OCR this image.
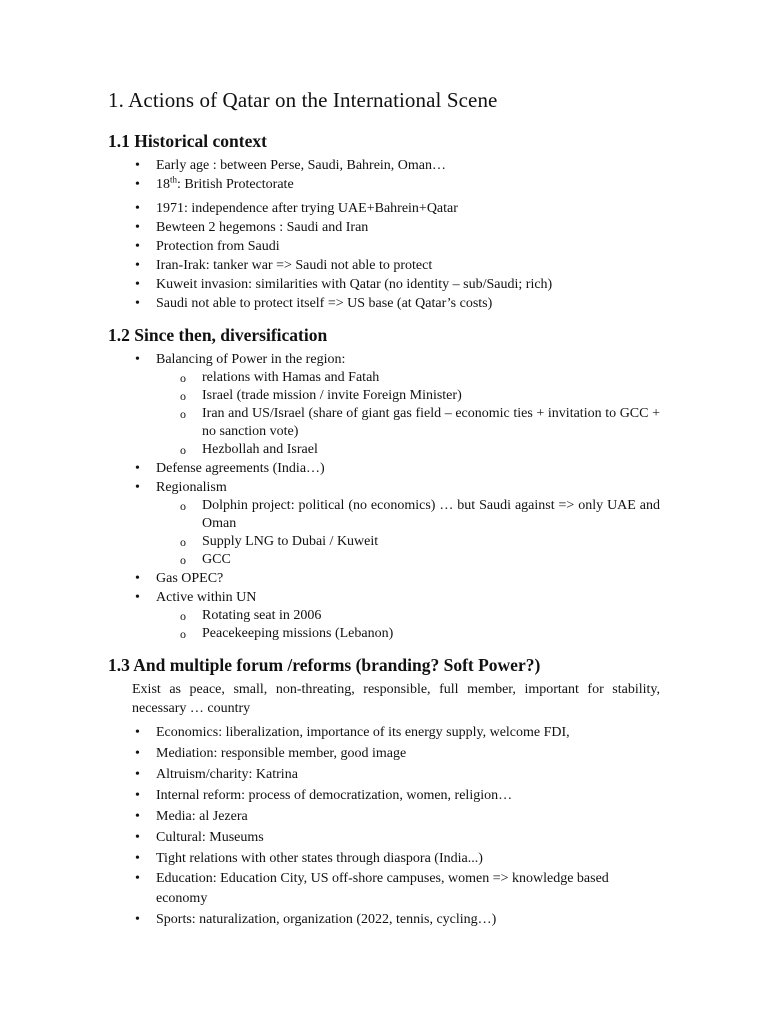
1. Actions of Qatar on the International Scene
1.1 Historical context
• Early age : between Perse, Saudi, Bahrein, Oman…
• 18th: British Protectorate
• 1971: independence after trying UAE+Bahrein+Qatar
• Bewteen 2 hegemons : Saudi and Iran
• Protection from Saudi
• Iran-Irak: tanker war => Saudi not able to protect
• Kuweit invasion: similarities with Qatar (no identity – sub/Saudi; rich)
• Saudi not able to protect itself => US base (at Qatar’s costs)
1.2 Since then, diversification
• Balancing of Power in the region:
o relations with Hamas and Fatah
o Israel (trade mission / invite Foreign Minister)
o Iran and US/Israel (share of giant gas field – economic ties + invitation to GCC + no sanction vote)
o Hezbollah and Israel
• Defense agreements (India…)
• Regionalism
o Dolphin project: political (no economics) … but Saudi against => only UAE and Oman
o Supply LNG to Dubai / Kuweit
o GCC
• Gas OPEC?
• Active within UN
o Rotating seat in 2006
o Peacekeeping missions (Lebanon)
1.3 And multiple forum /reforms (branding? Soft Power?)

Exist as peace, small, non-threating, responsible, full member, important for stability, necessary … country

• Economics: liberalization, importance of its energy supply, welcome FDI,
• Mediation: responsible member, good image
• Altruism/charity: Katrina
• Internal reform: process of democratization, women, religion…
• Media: al Jezera
• Cultural: Museums
• Tight relations with other states through diaspora (India...)
• Education: Education City, US off-shore campuses, women => knowledge based economy
• Sports: naturalization, organization (2022, tennis, cycling…)
